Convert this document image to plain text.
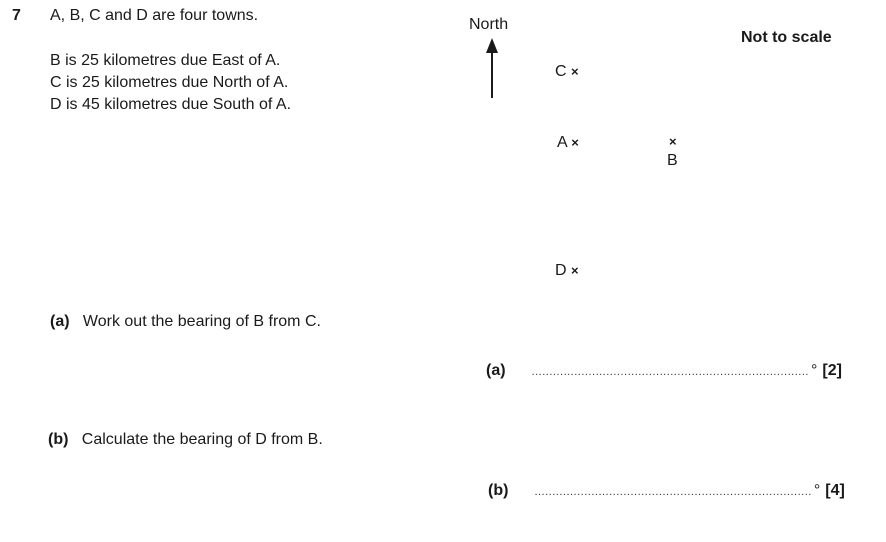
7 A, B, C and D are four towns.
B is 25 kilometres due East of A.
C is 25 kilometres due North of A.
D is 45 kilometres due South of A.
North
Not to scale
C ×
A ×	×
B
D ×
(a) Work out the bearing of B from C.
(a) .............................................................................. ° [2]
(b) Calculate the bearing of D from B.
(b) .............................................................................. ° [4]
